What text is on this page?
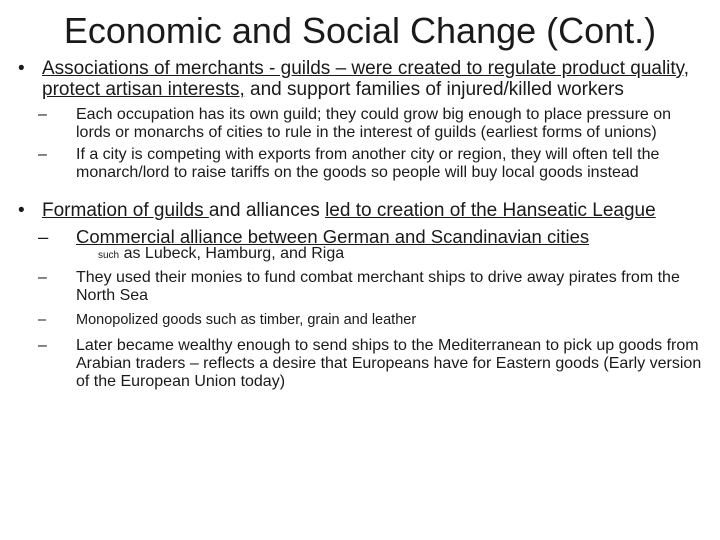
Economic and Social Change (Cont.)
• Associations of merchants - guilds – were created to regulate product quality, protect artisan interests, and support families of injured/killed workers
–	Each occupation has its own guild; they could grow big enough to place pressure on lords or monarchs of cities to rule in the interest of guilds (earliest forms of unions)
–	If a city is competing with exports from another city or region, they will often tell the monarch/lord to raise tariffs on the goods so people will buy local goods instead
• Formation of guilds and alliances led to creation of the Hanseatic League
–	Commercial alliance between German and Scandinavian cities
such as Lubeck, Hamburg, and Riga
–	They used their monies to fund combat merchant ships to drive away pirates from the North Sea
–	Monopolized goods such as timber, grain and leather
–	Later became wealthy enough to send ships to the Mediterranean to pick up goods from Arabian traders – reflects a desire that Europeans have for Eastern goods (Early version of the European Union today)
